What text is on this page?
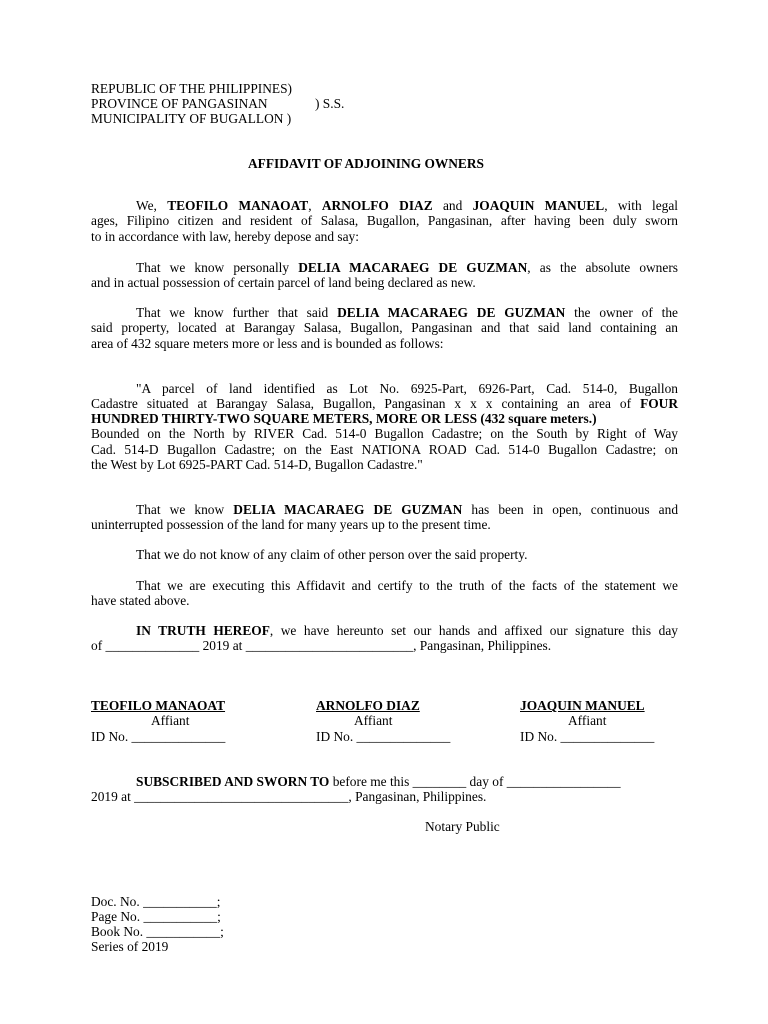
REPUBLIC OF THE PHILIPPINES)
PROVINCE OF PANGASINAN	) S.S.
MUNICIPALITY OF BUGALLON )
AFFIDAVIT OF ADJOINING OWNERS
We, TEOFILO MANAOAT, ARNOLFO DIAZ and JOAQUIN MANUEL, with legal
ages, Filipino citizen and resident of Salasa, Bugallon, Pangasinan, after having been duly sworn
to in accordance with law, hereby depose and say:
That we know personally DELIA MACARAEG DE GUZMAN, as the absolute owners
and in actual possession of certain parcel of land being declared as new.
That we know further that said DELIA MACARAEG DE GUZMAN the owner of the
said property, located at Barangay Salasa, Bugallon, Pangasinan and that said land containing an
area of 432 square meters more or less and is bounded as follows:
"A parcel of land identified as Lot No. 6925-Part, 6926-Part, Cad. 514-0, Bugallon
Cadastre situated at Barangay Salasa, Bugallon, Pangasinan x x x containing an area of FOUR
HUNDRED THIRTY-TWO SQUARE METERS, MORE OR LESS (432 square meters.)
Bounded on the North by RIVER Cad. 514-0 Bugallon Cadastre; on the South by Right of Way
Cad. 514-D Bugallon Cadastre; on the East NATIONA ROAD Cad. 514-0 Bugallon Cadastre; on
the West by Lot 6925-PART Cad. 514-D, Bugallon Cadastre."
That we know DELIA MACARAEG DE GUZMAN has been in open, continuous and
uninterrupted possession of the land for many years up to the present time.
That we do not know of any claim of other person over the said property.
That we are executing this Affidavit and certify to the truth of the facts of the statement we
have stated above.
IN TRUTH HEREOF, we have hereunto set our hands and affixed our signature this day
of ______________ 2019 at _________________________, Pangasinan, Philippines.
TEOFILO MANAOAT
Affiant
ID No. ______________
ARNOLFO DIAZ
Affiant
ID No. ______________
JOAQUIN MANUEL
Affiant
ID No. ______________
SUBSCRIBED AND SWORN TO before me this ________ day of _________________
2019 at ________________________________, Pangasinan, Philippines.
Notary Public
Doc. No. ___________;
Page No. ___________;
Book No. ___________;
Series of 2019
